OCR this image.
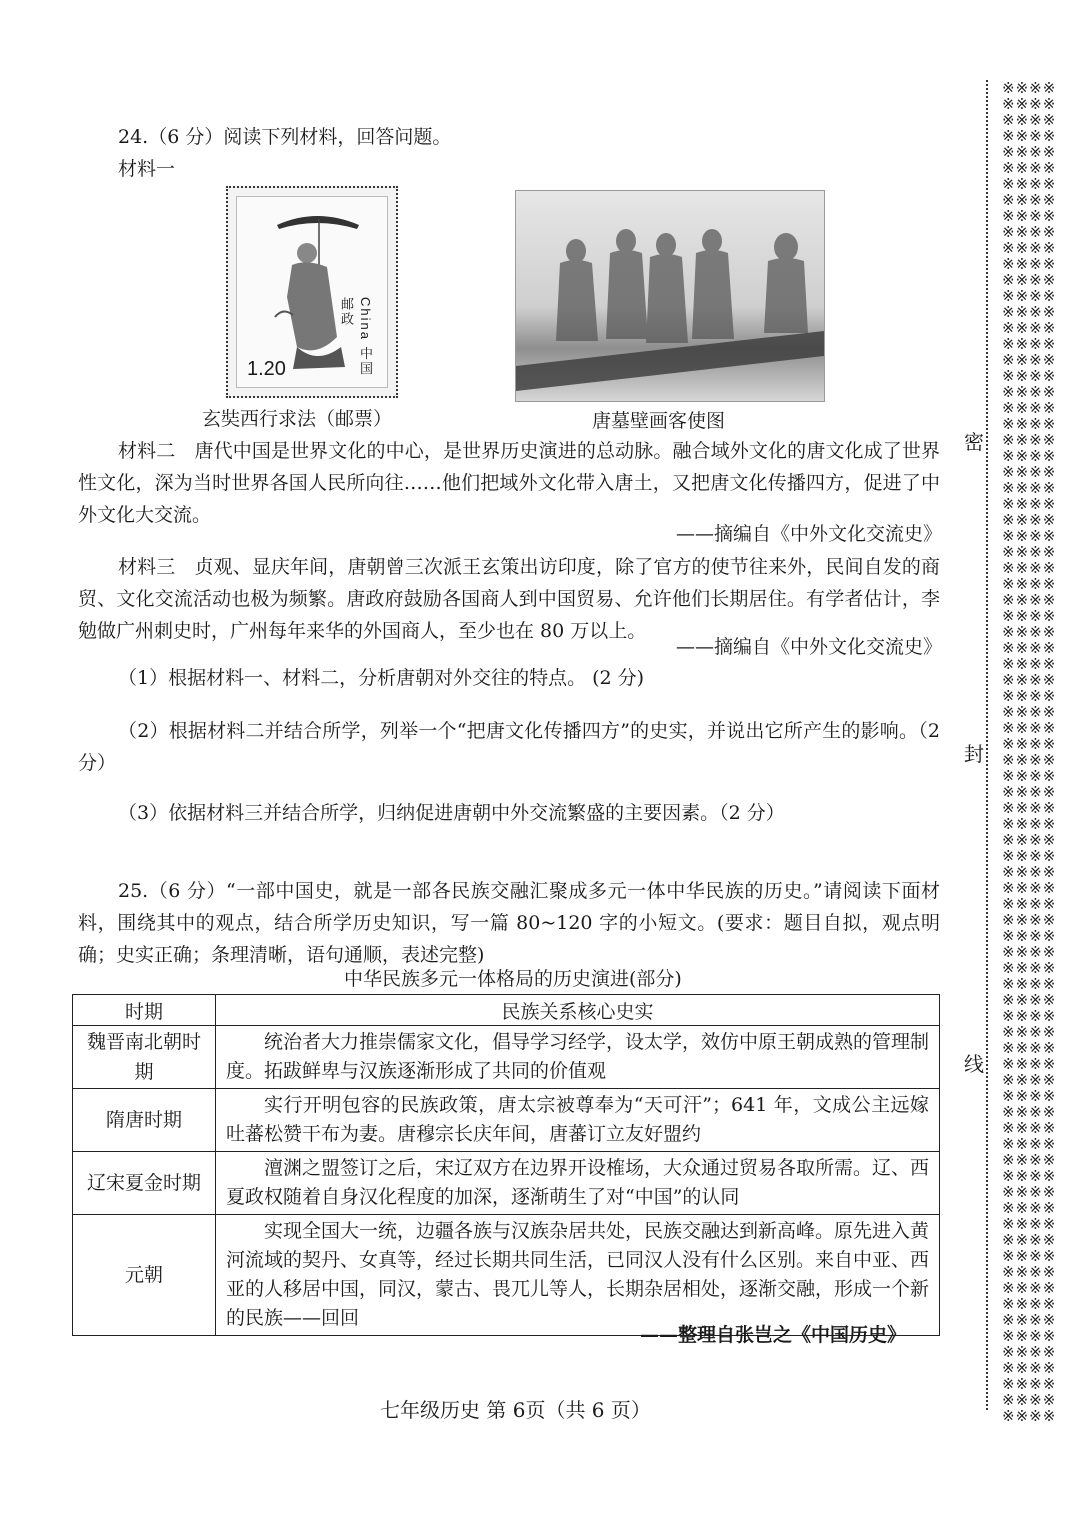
24.（6 分）阅读下列材料，回答问题。
材料一
1.20	China 中国邮政
玄奘西行求法（邮票）	唐墓壁画客使图
材料二　唐代中国是世界文化的中心，是世界历史演进的总动脉。融合域外文化的唐文化成了世界性文化，深为当时世界各国人民所向往……他们把域外文化带入唐土，又把唐文化传播四方，促进了中外文化大交流。
——摘编自《中外文化交流史》
材料三　贞观、显庆年间，唐朝曾三次派王玄策出访印度，除了官方的使节往来外，民间自发的商贸、文化交流活动也极为频繁。唐政府鼓励各国商人到中国贸易、允许他们长期居住。有学者估计，李勉做广州刺史时，广州每年来华的外国商人，至少也在 80 万以上。
——摘编自《中外文化交流史》
（1）根据材料一、材料二，分析唐朝对外交往的特点。 (2 分)
（2）根据材料二并结合所学，列举一个“把唐文化传播四方”的史实，并说出它所产生的影响。（2 分）
（3）依据材料三并结合所学，归纳促进唐朝中外交流繁盛的主要因素。（2 分）
25.（6 分）“一部中国史，就是一部各民族交融汇聚成多元一体中华民族的历史。”请阅读下面材料，围绕其中的观点，结合所学历史知识，写一篇 80~120 字的小短文。(要求：题目自拟，观点明确；史实正确；条理清晰，语句通顺，表述完整)
中华民族多元一体格局的历史演进(部分)
时期	民族关系核心史实
魏晋南北朝时期	统治者大力推崇儒家文化，倡导学习经学，设太学，效仿中原王朝成熟的管理制度。拓跋鲜卑与汉族逐渐形成了共同的价值观
隋唐时期	实行开明包容的民族政策，唐太宗被尊奉为“天可汗”；641 年，文成公主远嫁吐蕃松赞干布为妻。唐穆宗长庆年间，唐蕃订立友好盟约
辽宋夏金时期	澶渊之盟签订之后，宋辽双方在边界开设榷场，大众通过贸易各取所需。辽、西夏政权随着自身汉化程度的加深，逐渐萌生了对“中国”的认同
元朝	实现全国大一统，边疆各族与汉族杂居共处，民族交融达到新高峰。原先进入黄河流域的契丹、女真等，经过长期共同生活，已同汉人没有什么区别。来自中亚、西亚的人移居中国，同汉，蒙古、畏兀儿等人，长期杂居相处，逐渐交融，形成一个新的民族——回回
——整理自张岂之《中国历史》
七年级历史 第 6页（共 6 页）
※※※※
※※※※
※※※※
※※※※
※※※※
※※※※
※※※※
※※※※
※※※※
※※※※
※※※※
※※※※
※※※※
※※※※
※※※※
※※※※
※※※※
※※※※
※※※※
※※※※
※※※※
※※※※
※※※※
※※※※
※※※※
※※※※
※※※※
※※※※
※※※※
※※※※
※※※※
※※※※
※※※※
※※※※
※※※※
※※※※
※※※※
※※※※
※※※※
※※※※
※※※※
※※※※
※※※※
※※※※
※※※※
※※※※
※※※※
※※※※
※※※※
※※※※
※※※※
※※※※
※※※※
※※※※
※※※※
※※※※
※※※※
※※※※
※※※※
※※※※
※※※※
※※※※
※※※※
※※※※
※※※※
※※※※
※※※※
※※※※
※※※※
※※※※
※※※※
※※※※
※※※※
※※※※
※※※※
※※※※
※※※※
※※※※
※※※※
※※※※
※※※※
※※※※
※※※※
※※※※
密
封
线
